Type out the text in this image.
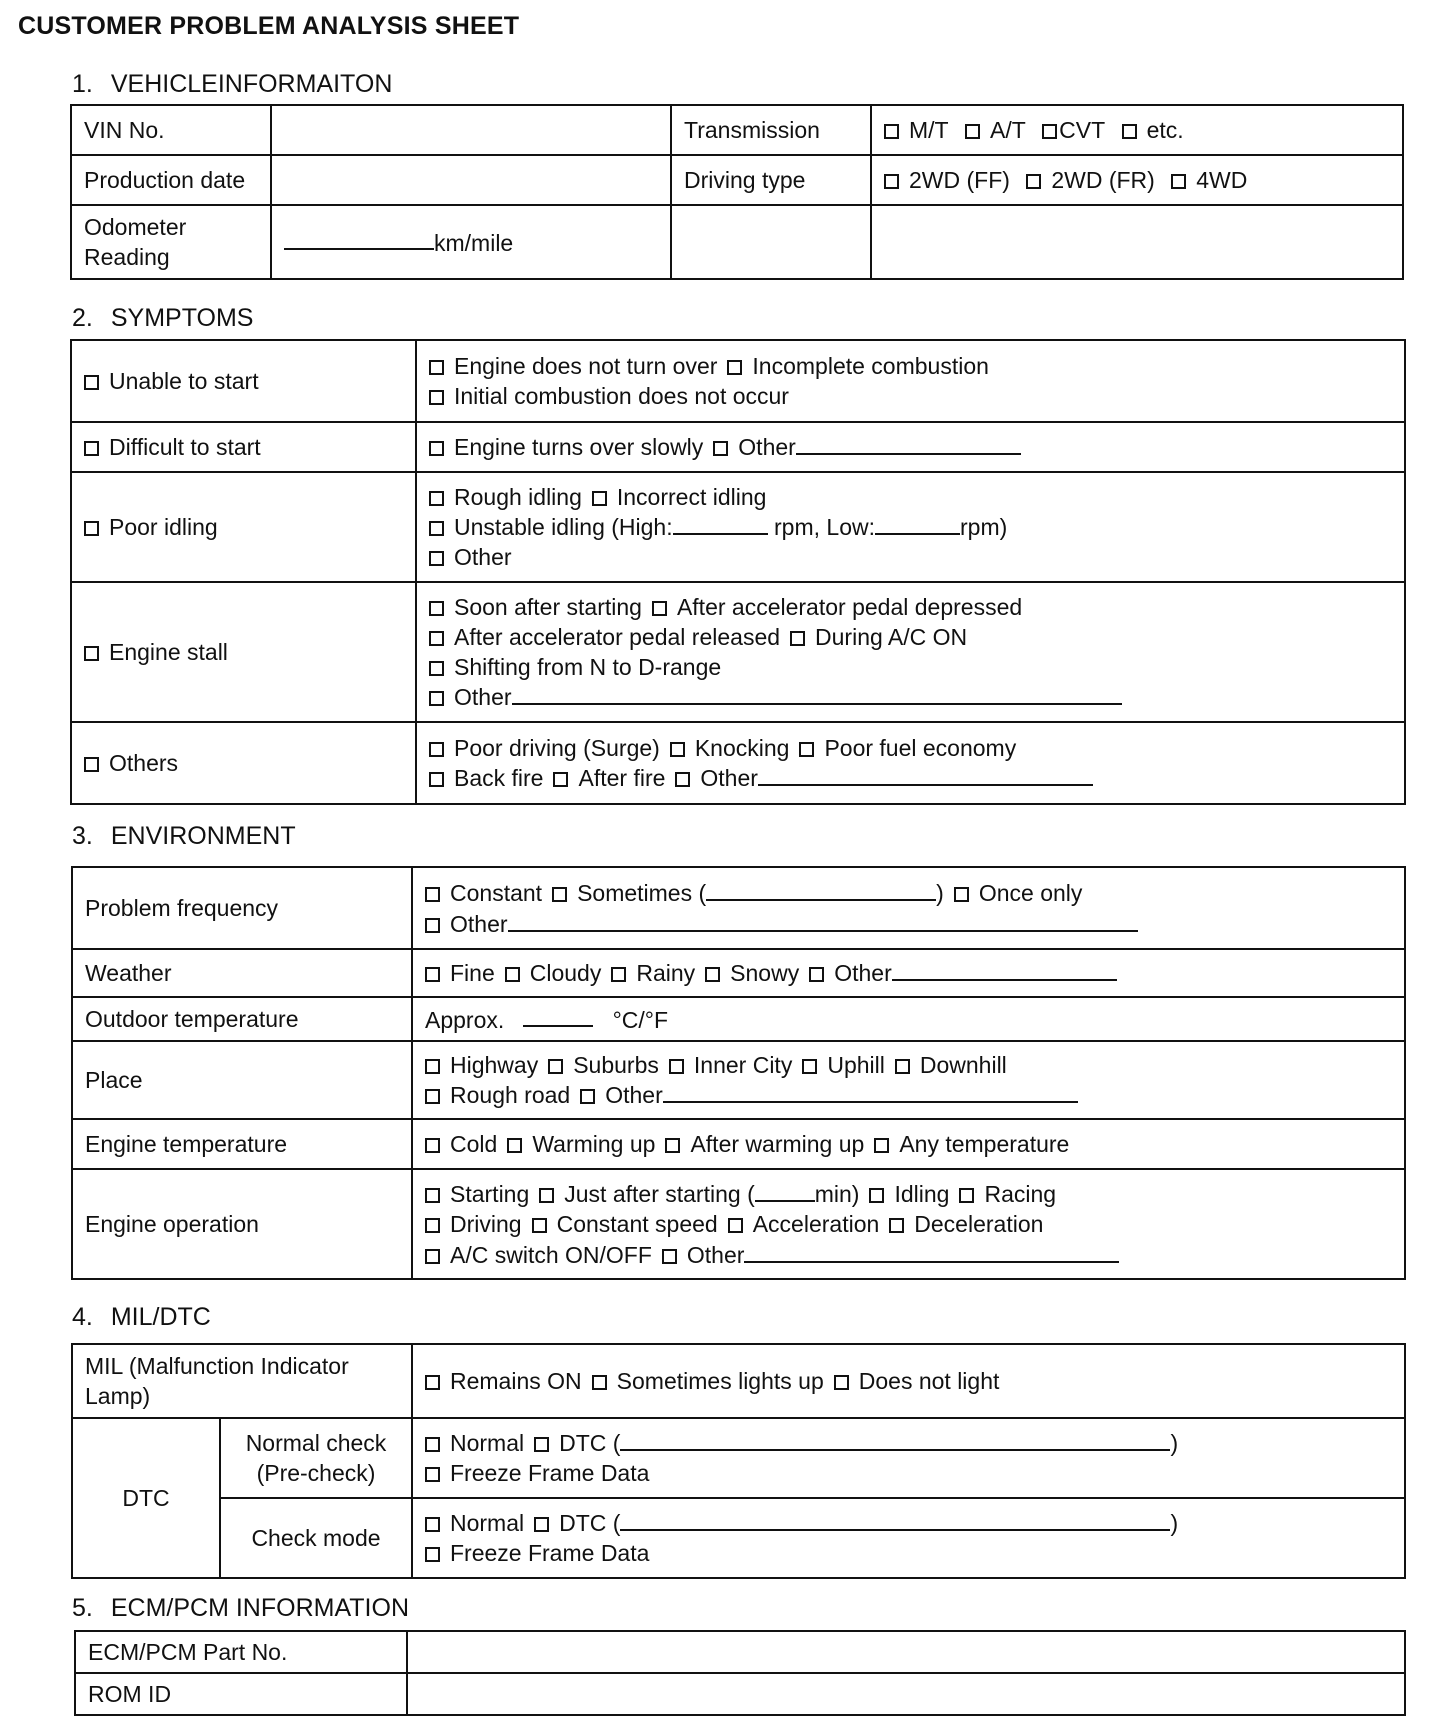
CUSTOMER PROBLEM ANALYSIS SHEET
1. VEHICLEINFORMAITON
VIN No.		Transmission	M/T A/T CVT etc.
Production date		Driving type	2WD (FF) 2WD (FR) 4WD
Odometer Reading	km/mile		
2. SYMPTOMS
Unable to start	Engine does not turn over Incomplete combustion
Initial combustion does not occur

Difficult to start	Engine turns over slowly Other
Poor idling	Rough idling Incorrect idling
Unstable idling (High: rpm, Low: rpm)
Other

Engine stall	Soon after starting After accelerator pedal depressed
After accelerator pedal released During A/C ON
Shifting from N to D-range
Other

Others	Poor driving (Surge) Knocking Poor fuel economy
Back fire After fire Other
3. ENVIRONMENT
Problem frequency	Constant Sometimes ( ) Once only
Other

Weather	Fine Cloudy Rainy Snowy Other
Outdoor temperature	Approx. °C/°F
Place	Highway Suburbs Inner City Uphill Downhill
Rough road Other

Engine temperature	Cold Warming up After warming up Any temperature
Engine operation	Starting Just after starting ( min) Idling Racing
Driving Constant speed Acceleration Deceleration
A/C switch ON/OFF Other
4. MIL/DTC
MIL (Malfunction Indicator Lamp)		Remains ON Sometimes lights up Does not light
DTC	Normal check (Pre-check)	Normal DTC ( )
Freeze Frame Data

	Check mode	Normal DTC ( )
Freeze Frame Data
5. ECM/PCM INFORMATION
ECM/PCM Part No.	
ROM ID	
